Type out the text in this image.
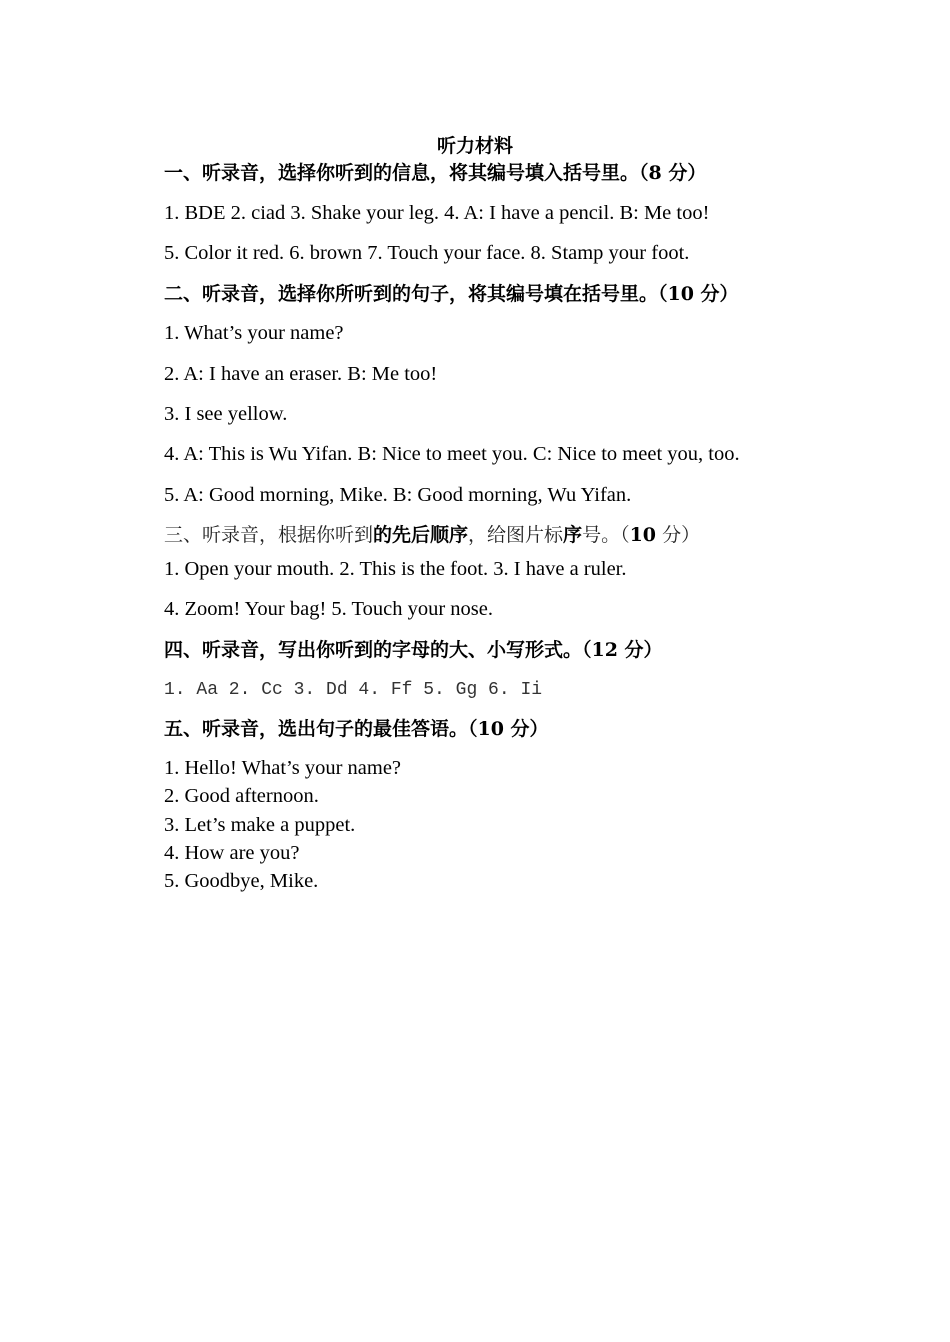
听力材料
一、听录音，选择你听到的信息，将其编号填入括号里。（8 分）
1. BDE 2. ciad 3. Shake your leg. 4. A: I have a pencil. B: Me too!
5. Color it red. 6. brown 7. Touch your face. 8. Stamp your foot.
二、听录音，选择你所听到的句子，将其编号填在括号里。（10 分）
1. What’s your name?
2. A: I have an eraser. B: Me too!
3. I see yellow.
4. A: This is Wu Yifan. B: Nice to meet you. C: Nice to meet you, too.
5. A: Good morning, Mike. B: Good morning, Wu Yifan.
三、听录音，根据你听到的先后顺序，给图片标序号。（10 分）
1. Open your mouth. 2. This is the foot. 3. I have a ruler.
4. Zoom! Your bag! 5. Touch your nose.
四、听录音，写出你听到的字母的大、小写形式。（12 分）
1. Aa 2. Cc 3. Dd 4. Ff 5. Gg 6. Ii
五、听录音，选出句子的最佳答语。（10 分）
1. Hello! What’s your name?
2. Good afternoon.
3. Let’s make a puppet.
4. How are you?
5. Goodbye, Mike.
